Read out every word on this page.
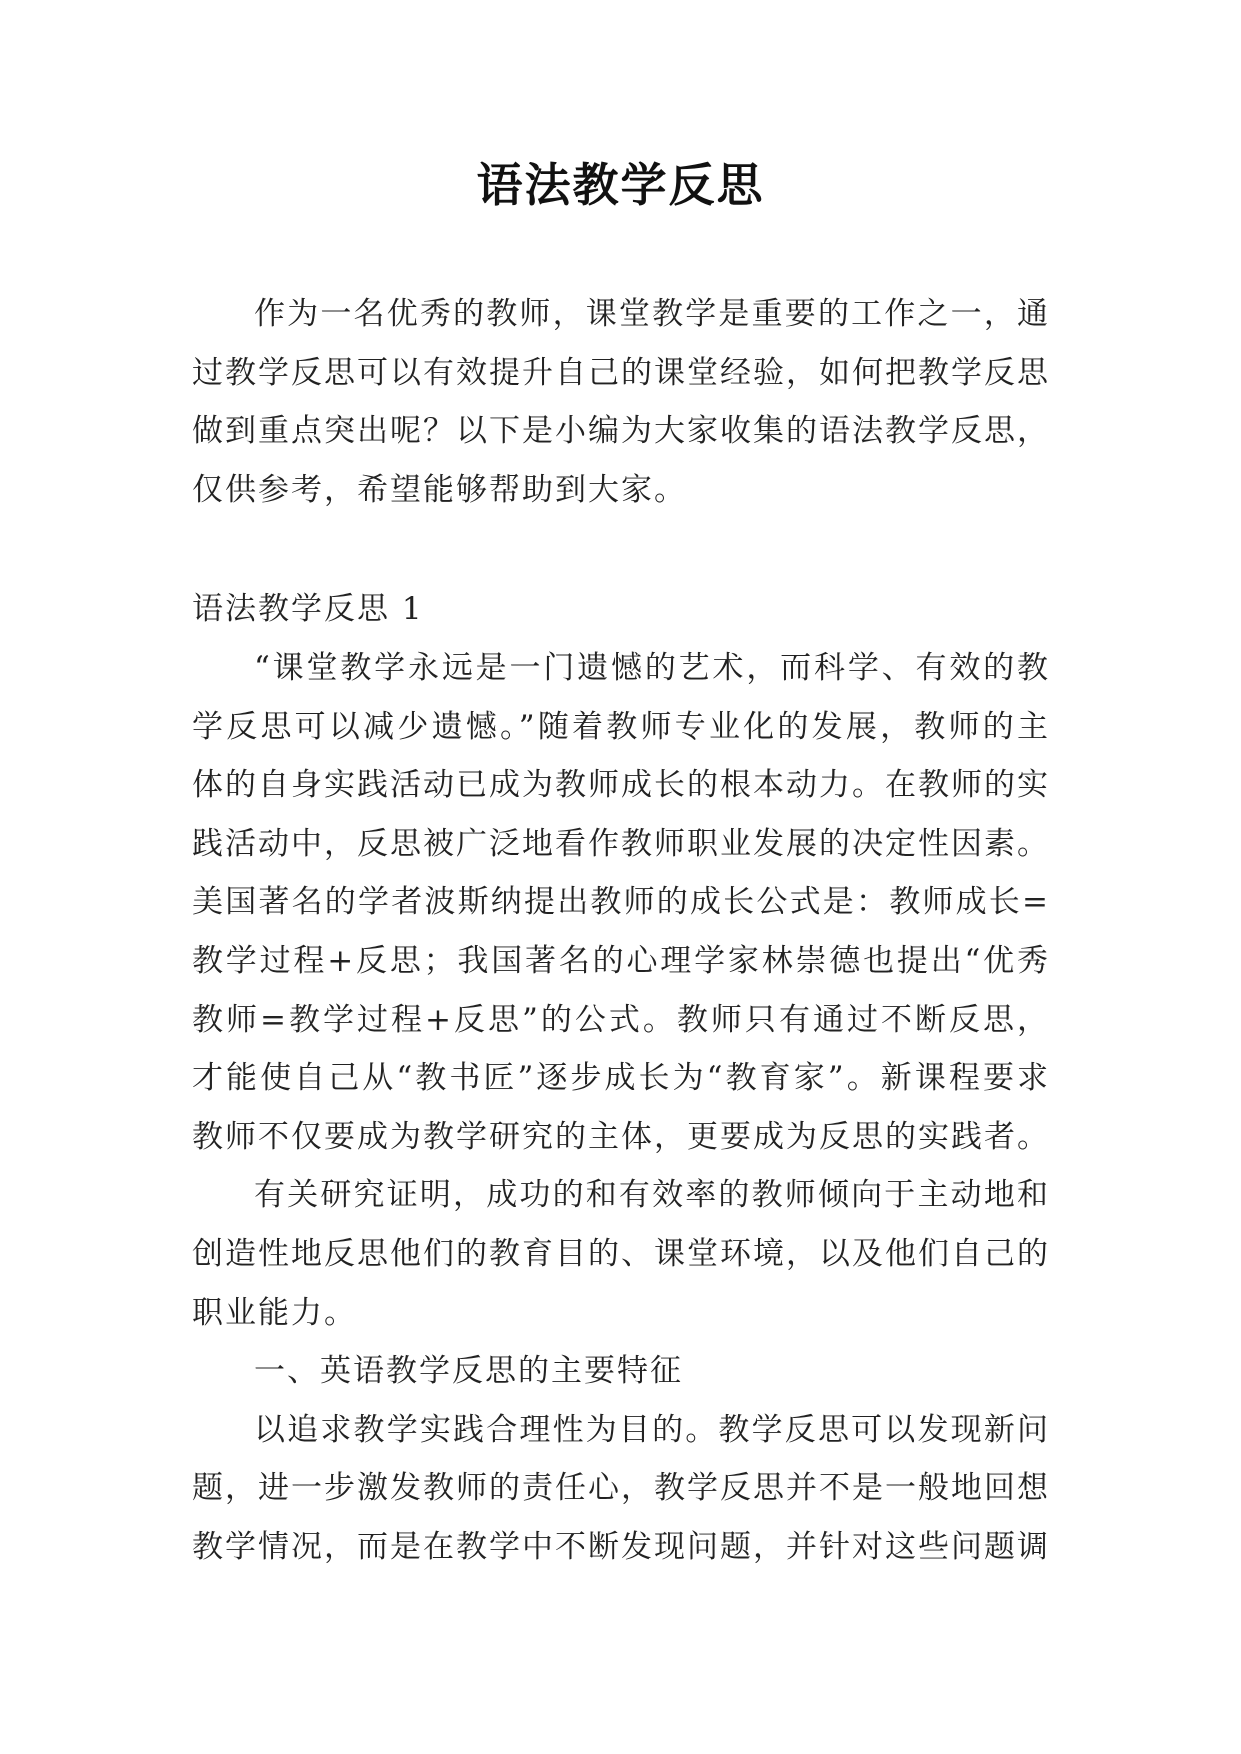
语法教学反思

作为一名优秀的教师，课堂教学是重要的工作之一，通过教学反思可以有效提升自己的课堂经验，如何把教学反思做到重点突出呢？以下是小编为大家收集的语法教学反思，仅供参考，希望能够帮助到大家。

语法教学反思 1

“课堂教学永远是一门遗憾的艺术，而科学、有效的教学反思可以减少遗憾。”随着教师专业化的发展，教师的主体的自身实践活动已成为教师成长的根本动力。在教师的实践活动中，反思被广泛地看作教师职业发展的决定性因素。美国著名的学者波斯纳提出教师的成长公式是：教师成长=教学过程+反思；我国著名的心理学家林崇德也提出“优秀教师=教学过程+反思”的公式。教师只有通过不断反思，才能使自己从“教书匠”逐步成长为“教育家”。新课程要求教师不仅要成为教学研究的主体，更要成为反思的实践者。

有关研究证明，成功的和有效率的教师倾向于主动地和创造性地反思他们的教育目的、课堂环境，以及他们自己的职业能力。

一、英语教学反思的主要特征

以追求教学实践合理性为目的。教学反思可以发现新问题，进一步激发教师的责任心，教学反思并不是一般地回想教学情况，而是在教学中不断发现问题，并针对这些问题调
